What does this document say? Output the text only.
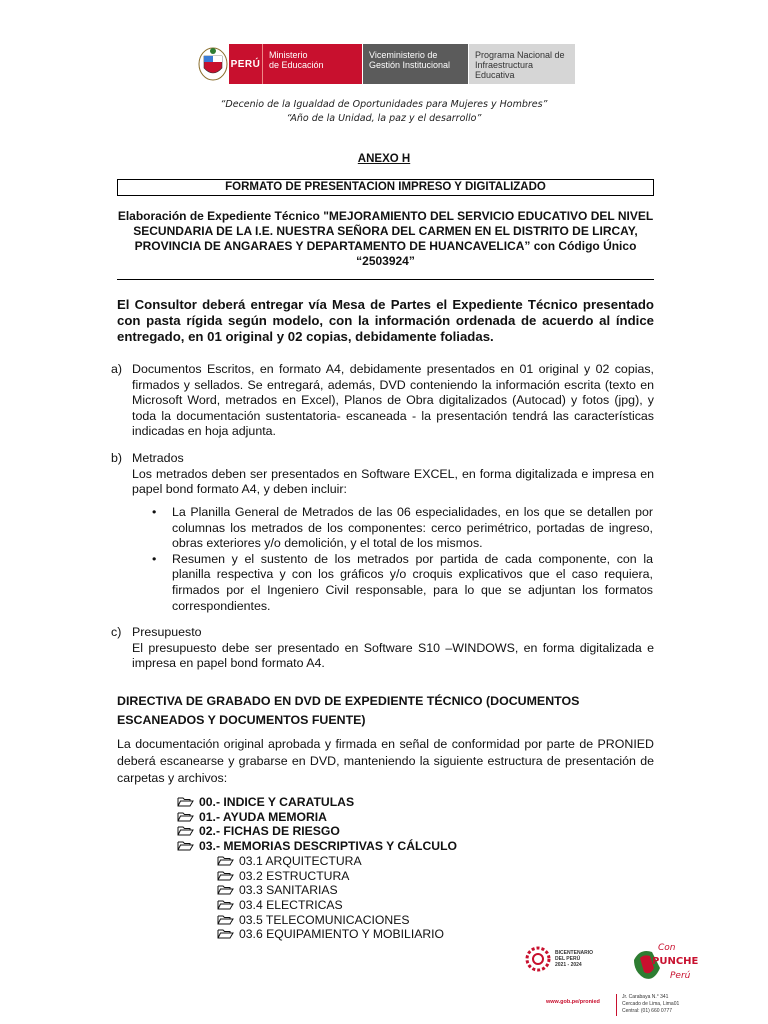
PERÚ
Ministerio
de Educación
Viceministerio de
Gestión Institucional
Programa Nacional de
Infraestructura Educativa
“Decenio de la Igualdad de Oportunidades para Mujeres y Hombres”
“Año de la Unidad, la paz y el desarrollo”
ANEXO H
FORMATO DE PRESENTACION IMPRESO Y DIGITALIZADO
Elaboración de Expediente Técnico "MEJORAMIENTO DEL SERVICIO EDUCATIVO DEL NIVEL SECUNDARIA DE LA I.E. NUESTRA SEÑORA DEL CARMEN EN EL DISTRITO DE LIRCAY, PROVINCIA DE ANGARAES Y DEPARTAMENTO DE HUANCAVELICA” con Código Único “2503924”
El Consultor deberá entregar vía Mesa de Partes el Expediente Técnico presentado con pasta rígida según modelo, con la información ordenada de acuerdo al índice entregado, en 01 original y 02 copias, debidamente foliadas.
a) Documentos Escritos, en formato A4, debidamente presentados en 01 original y 02 copias, firmados y sellados. Se entregará, además, DVD conteniendo la información escrita (texto en Microsoft Word, metrados en Excel), Planos de Obra digitalizados (Autocad) y fotos (jpg), y toda la documentación sustentatoria- escaneada - la presentación tendrá las características indicadas en hoja adjunta.
b) Metrados
Los metrados deben ser presentados en Software EXCEL, en forma digitalizada e impresa en papel bond formato A4, y deben incluir:
• La Planilla General de Metrados de las 06 especialidades, en los que se detallen por columnas los metrados de los componentes: cerco perimétrico, portadas de ingreso, obras exteriores y/o demolición, y el total de los mismos.
• Resumen y el sustento de los metrados por partida de cada componente, con la planilla respectiva y con los gráficos y/o croquis explicativos que el caso requiera, firmados por el Ingeniero Civil responsable, para lo que se adjuntan los formatos correspondientes.
c) Presupuesto
El presupuesto debe ser presentado en Software S10 –WINDOWS, en forma digitalizada e impresa en papel bond formato A4.
DIRECTIVA DE GRABADO EN DVD DE EXPEDIENTE TÉCNICO (DOCUMENTOS ESCANEADOS Y DOCUMENTOS FUENTE)
La documentación original aprobada y firmada en señal de conformidad por parte de PRONIED deberá escanearse y grabarse en DVD, manteniendo la siguiente estructura de presentación de carpetas y archivos:
00.- INDICE Y CARATULAS
01.- AYUDA MEMORIA
02.- FICHAS DE RIESGO
03.- MEMORIAS DESCRIPTIVAS Y CÁLCULO
03.1 ARQUITECTURA
03.2 ESTRUCTURA
03.3 SANITARIAS
03.4 ELECTRICAS
03.5 TELECOMUNICACIONES
03.6 EQUIPAMIENTO Y MOBILIARIO
BICENTENARIO
DEL PERÚ
2021 - 2024
Con
PUNCHE
Perú
www.gob.pe/pronied
Jr. Carabaya N.° 341
Cercado de Lima, Lima01
Central: (01) 660 0777
